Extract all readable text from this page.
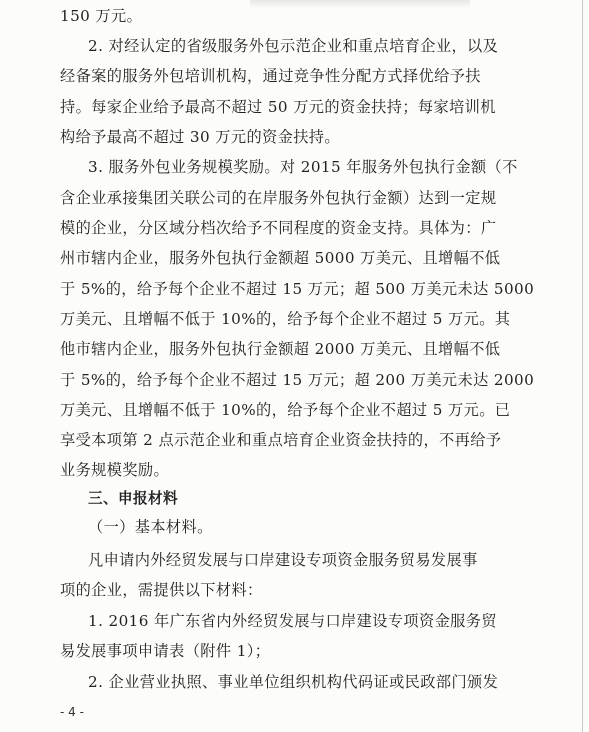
150 万元。
2. 对经认定的省级服务外包示范企业和重点培育企业，以及
经备案的服务外包培训机构，通过竞争性分配方式择优给予扶
持。每家企业给予最高不超过 50 万元的资金扶持；每家培训机
构给予最高不超过 30 万元的资金扶持。
3. 服务外包业务规模奖励。对 2015 年服务外包执行金额（不
含企业承接集团关联公司的在岸服务外包执行金额）达到一定规
模的企业，分区域分档次给予不同程度的资金支持。具体为：广
州市辖内企业，服务外包执行金额超 5000 万美元、且增幅不低
于 5%的，给予每个企业不超过 15 万元；超 500 万美元未达 5000
万美元、且增幅不低于 10%的，给予每个企业不超过 5 万元。其
他市辖内企业，服务外包执行金额超 2000 万美元、且增幅不低
于 5%的，给予每个企业不超过 15 万元；超 200 万美元未达 2000
万美元、且增幅不低于 10%的，给予每个企业不超过 5 万元。已
享受本项第 2 点示范企业和重点培育企业资金扶持的，不再给予
业务规模奖励。
三、申报材料
（一）基本材料。
凡申请内外经贸发展与口岸建设专项资金服务贸易发展事
项的企业，需提供以下材料：
1. 2016 年广东省内外经贸发展与口岸建设专项资金服务贸
易发展事项申请表（附件 1）；
2. 企业营业执照、事业单位组织机构代码证或民政部门颁发
- 4 -
